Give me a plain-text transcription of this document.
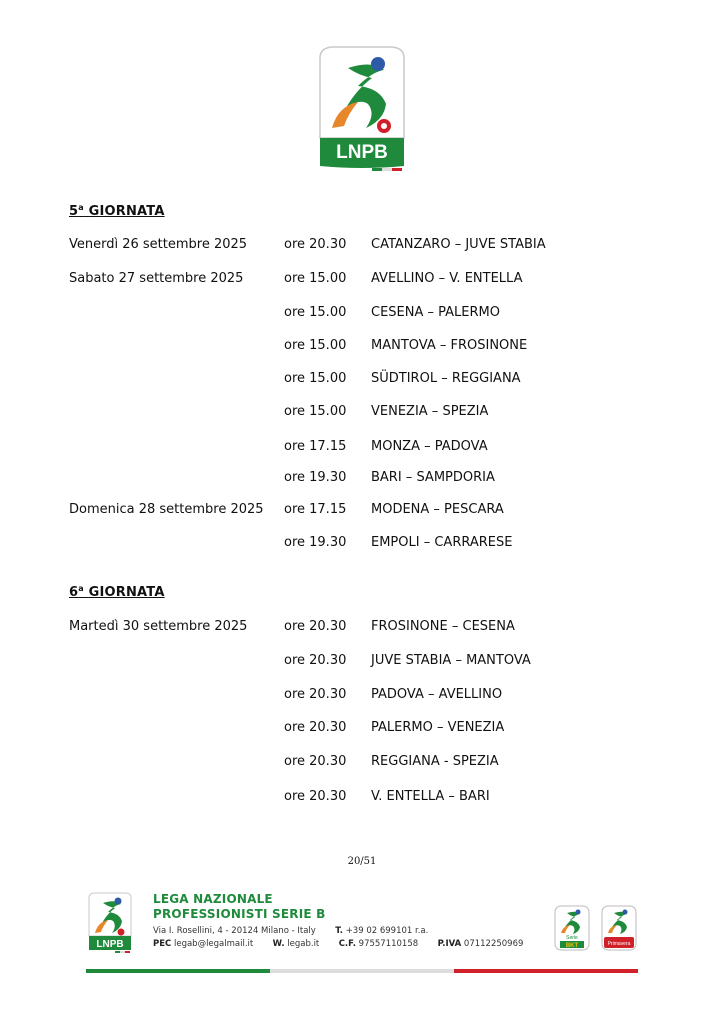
LNPB
5$^a$ GIORNATA
Venerdì 26 settembre 2025	ore 20.30 CATANZARO – JUVE STABIA
Sabato 27 settembre 2025	ore 15.00 AVELLINO – V. ENTELLA
ore 15.00 CESENA – PALERMO
ore 15.00 MANTOVA – FROSINONE
ore 15.00 SÜDTIROL – REGGIANA
ore 15.00 VENEZIA – SPEZIA
ore 17.15 MONZA – PADOVA
ore 19.30 BARI – SAMPDORIA
Domenica 28 settembre 2025 ore 17.15 MODENA – PESCARA
ore 19.30 EMPOLI – CARRARESE
6$^a$ GIORNATA
Martedì 30 settembre 2025	ore 20.30 FROSINONE – CESENA
ore 20.30 JUVE STABIA – MANTOVA
ore 20.30 PADOVA – AVELLINO
ore 20.30 PALERMO – VENEZIA
ore 20.30 REGGIANA - SPEZIA
ore 20.30 V. ENTELLA – BARI
20/51
LNPB
LEGA NAZIONALE
PROFESSIONISTI SERIE B
Via I. Rosellini, 4 - 20124 Milano - Italy T. +39 02 699101 r.a.
PEC legab@legalmail.it W. legab.it C.F. 97557110158 P.IVA 07112250969
Serie
BKT	Primavera
